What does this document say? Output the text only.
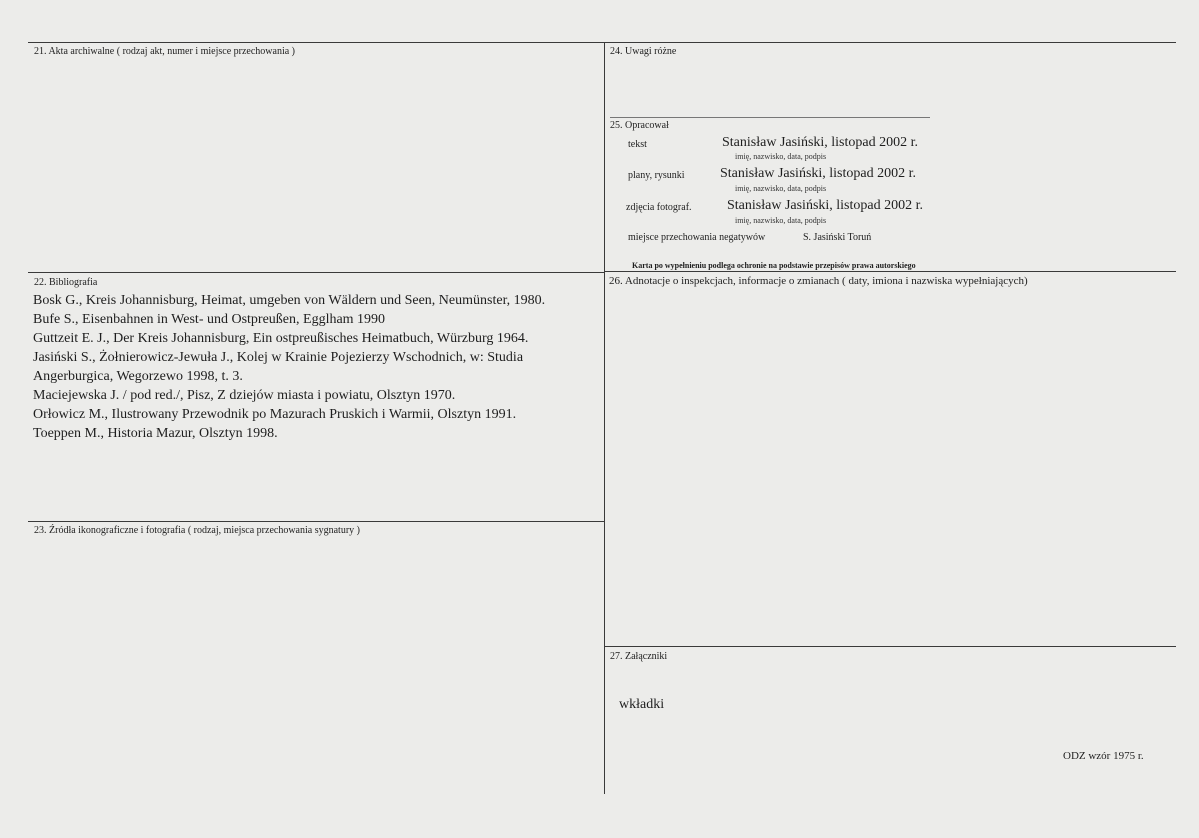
21. Akta archiwalne ( rodzaj akt, numer i miejsce przechowania )	24. Uwagi różne
25. Opracował
tekst	Stanisław Jasiński, listopad 2002 r.
imię, nazwisko, data, podpis
plany, rysunki	Stanisław Jasiński, listopad 2002 r.
imię, nazwisko, data, podpis
zdjęcia fotograf.	Stanisław Jasiński, listopad 2002 r.
imię, nazwisko, data, podpis
miejsce przechowania negatywów	S. Jasiński Toruń
Karta po wypełnieniu podlega ochronie na podstawie przepisów prawa autorskiego
22. Bibliografia
Bosk G., Kreis Johannisburg, Heimat, umgeben von Wäldern und Seen, Neumünster, 1980.
Bufe S., Eisenbahnen in West- und Ostpreußen, Egglham 1990
Guttzeit E. J., Der Kreis Johannisburg, Ein ostpreußisches Heimatbuch, Würzburg 1964.
Jasiński S., Żołnierowicz-Jewuła J., Kolej w Krainie Pojezierzy Wschodnich, w: Studia Angerburgica, Wegorzewo 1998, t. 3.
Maciejewska J. / pod red./, Pisz, Z dziejów miasta i powiatu, Olsztyn 1970.
Orłowicz M., Ilustrowany Przewodnik po Mazurach Pruskich i Warmii, Olsztyn 1991.
Toeppen M., Historia Mazur, Olsztyn 1998.
26. Adnotacje o inspekcjach, informacje o zmianach ( daty, imiona i nazwiska wypełniających)
23. Źródła ikonograficzne i fotografia ( rodzaj, miejsca przechowania sygnatury )
27. Załączniki
wkładki
ODZ wzór 1975 r.
